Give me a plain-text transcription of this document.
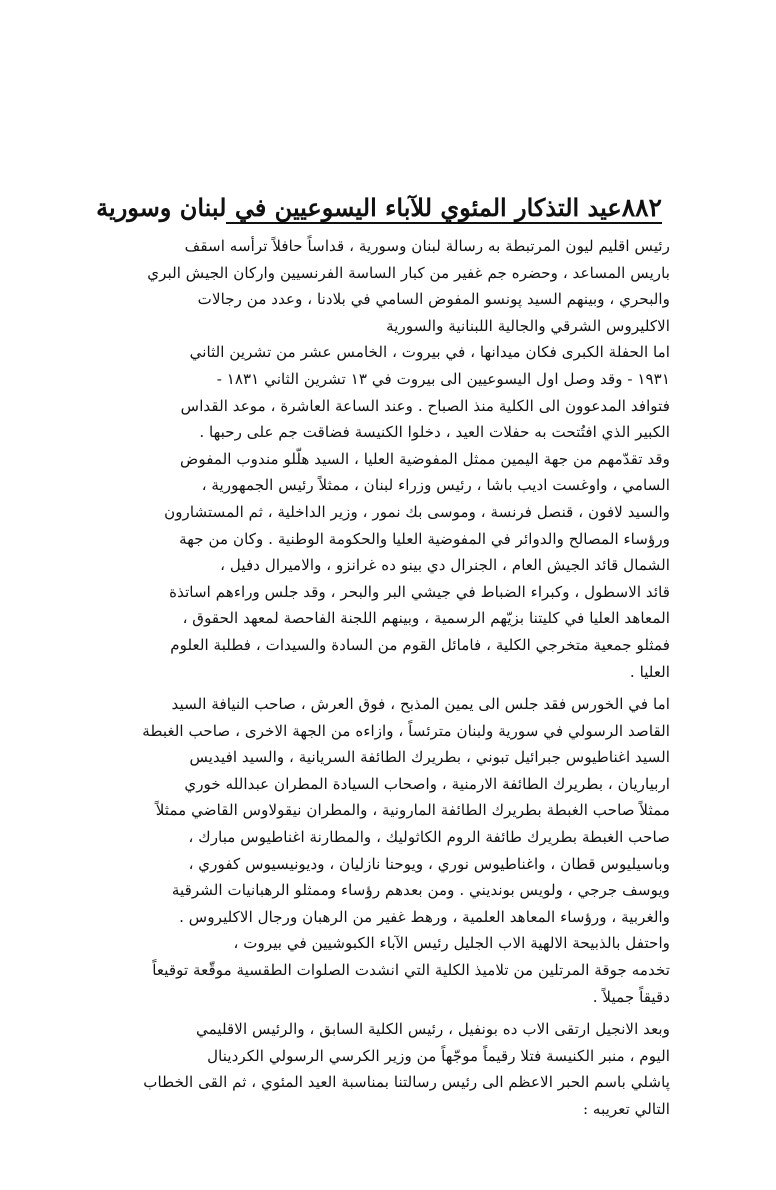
٨٨٢
عيد التذكار المئوي للآباء اليسوعيين في لبنان وسورية
رئيس اقليم ليون المرتبطة به رسالة لبنان وسورية ، قداساً حافلاً ترأسه اسقف
باريس المساعد ، وحضره جم غفير من كبار الساسة الفرنسيين واركان الجيش البري
والبحري ، وبينهم السيد پونسو المفوض السامي في بلادنا ، وعدد من رجالات
الاكليروس الشرقي والجالية اللبنانية والسورية
اما الحفلة الكبرى فكان ميدانها ، في بيروت ، الخامس عشر من تشرين الثاني
١٩٣١ - وقد وصل اول اليسوعيين الى بيروت في ١٣ تشرين الثاني ١٨٣١ -
فتوافد المدعوون الى الكلية منذ الصباح . وعند الساعة العاشرة ، موعد القداس
الكبير الذي افتُتحت به حفلات العيد ، دخلوا الكنيسة فضاقت جم على رحبها .
وقد تقدّمهم من جهة اليمين ممثل المفوضية العليا ، السيد هلّلو مندوب المفوض
السامي ، واوغست اديب باشا ، رئيس وزراء لبنان ، ممثلاً رئيس الجمهورية ،
والسيد لافون ، قنصل فرنسة ، وموسى بك نمور ، وزير الداخلية ، ثم المستشارون
ورؤساء المصالح والدوائر في المفوضية العليا والحكومة الوطنية . وكان من جهة
الشمال قائد الجيش العام ، الجنرال دي بينو ده غرانزو ، والاميرال دفيل ،
قائد الاسطول ، وكبراء الضباط في جيشي البر والبحر ، وقد جلس وراءهم اساتذة
المعاهد العليا في كليتنا بزيّهم الرسمية ، وبينهم اللجنة الفاحصة لمعهد الحقوق ،
فمثلو جمعية متخرجي الكلية ، فامائل القوم من السادة والسيدات ، فطلبة العلوم
العليا .
اما في الخورس فقد جلس الى يمين المذبح ، فوق العرش ، صاحب النيافة السيد
القاصد الرسولي في سورية ولبنان مترئساً ، وازاءه من الجهة الاخرى ، صاحب الغبطة
السيد اغناطيوس جبرائيل تبوني ، بطريرك الطائفة السريانية ، والسيد افيديس
اربياريان ، بطريرك الطائفة الارمنية ، واصحاب السيادة المطران عبدالله خوري
ممثلاً صاحب الغبطة بطريرك الطائفة المارونية ، والمطران نيقولاوس القاضي ممثلاً
صاحب الغبطة بطريرك طائفة الروم الكاثوليك ، والمطارنة اغناطيوس مبارك ،
وباسيليوس قطان ، واغناطيوس نوري ، ويوحنا نازليان ، وديونيسيوس كفوري ،
ويوسف جرجي ، ولويس بونديني . ومن بعدهم رؤساء وممثلو الرهبانيات الشرقية
والغربية ، ورؤساء المعاهد العلمية ، ورهط غفير من الرهبان ورجال الاكليروس .
واحتفل بالذبيحة الالهية الاب الجليل رئيس الآباء الكبوشيين في بيروت ،
تخدمه جوقة المرتلين من تلاميذ الكلية التي انشدت الصلوات الطقسية موقّعة توقيعاً
دقيقاً جميلاً .
وبعد الانجيل ارتقى الاب ده بونفيل ، رئيس الكلية السابق ، والرئيس الاقليمي
اليوم ، منبر الكنيسة فتلا رقيماً موجّهاً من وزير الكرسي الرسولي الكردينال
پاشلي باسم الحبر الاعظم الى رئيس رسالتنا بمناسبة العيد المئوي ، ثم القى الخطاب
التالي تعريبه :
